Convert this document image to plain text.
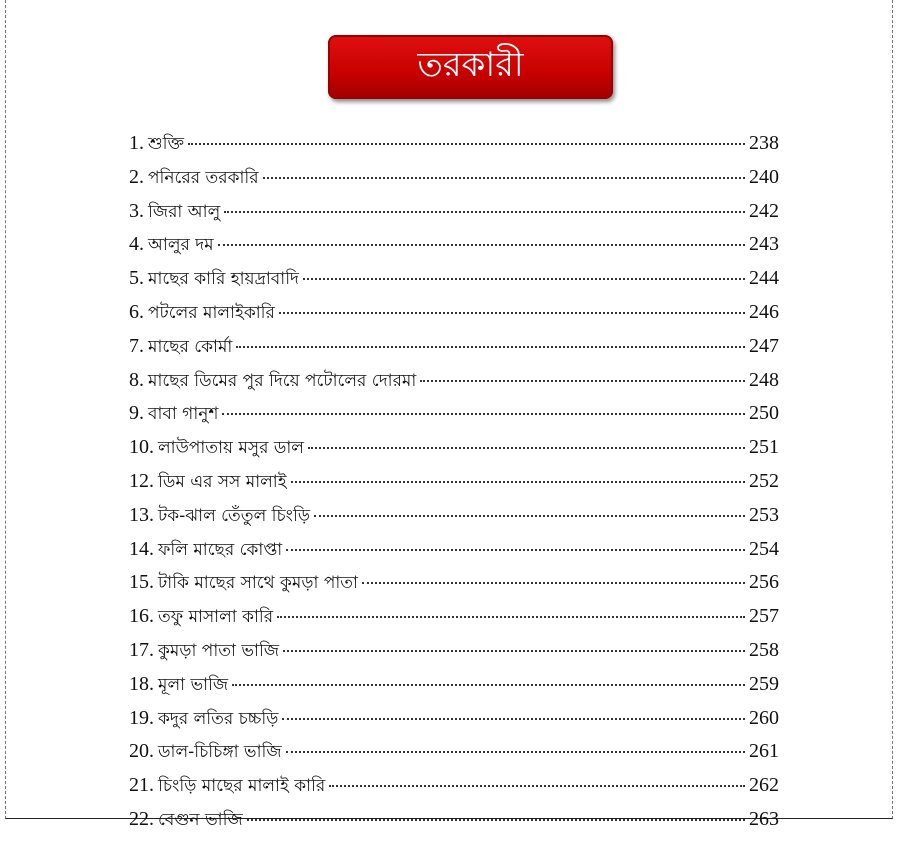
তরকারী
1. শুক্তি	238
2. পনিরের তরকারি	240
3. জিরা আলু	242
4. আলুর দম	243
5. মাছের কারি হায়দ্রাবাদি	244
6. পটলের মালাইকারি	246
7. মাছের কোর্মা	247
8. মাছের ডিমের পুর দিয়ে পটোলের দোরমা	248
9. বাবা গানুশ	250
10. লাউপাতায় মসুর ডাল	251
12. ডিম এর সস মালাই	252
13. টক-ঝাল তেঁতুল চিংড়ি	253
14. ফলি মাছের কোপ্তা	254
15. টাকি মাছের সাথে কুমড়া পাতা	256
16. তফু মাসালা কারি	257
17. কুমড়া পাতা ভাজি	258
18. মূলা ভাজি	259
19. কদুর লতির চচ্চড়ি	260
20. ডাল-চিচিঙ্গা ভাজি	261
21. চিংড়ি মাছের মালাই কারি	262
22. বেগুন ভাজি	263
